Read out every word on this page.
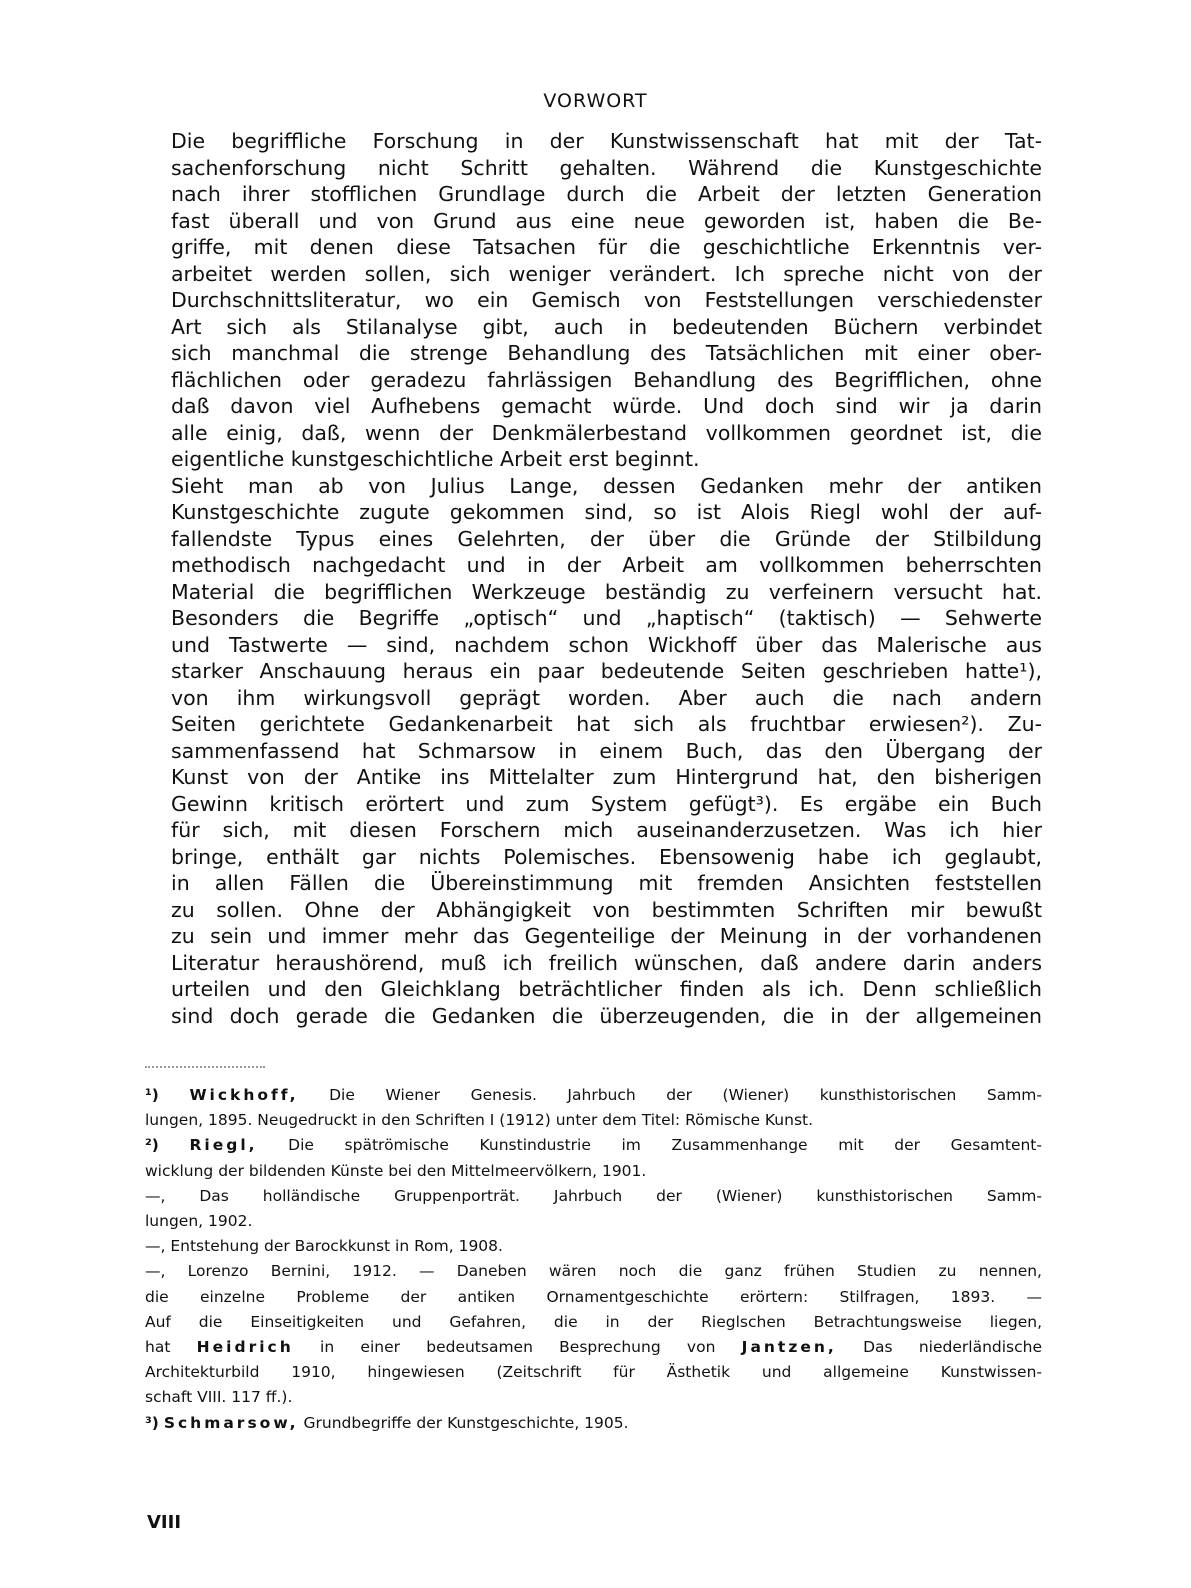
VORWORT

Die begriffliche Forschung in der Kunstwissenschaft hat mit der Tat-
sachenforschung nicht Schritt gehalten. Während die Kunstgeschichte
nach ihrer stofflichen Grundlage durch die Arbeit der letzten Generation
fast überall und von Grund aus eine neue geworden ist, haben die Be-
griffe, mit denen diese Tatsachen für die geschichtliche Erkenntnis ver-
arbeitet werden sollen, sich weniger verändert. Ich spreche nicht von der
Durchschnittsliteratur, wo ein Gemisch von Feststellungen verschiedenster
Art sich als Stilanalyse gibt, auch in bedeutenden Büchern verbindet
sich manchmal die strenge Behandlung des Tatsächlichen mit einer ober-
flächlichen oder geradezu fahrlässigen Behandlung des Begrifflichen, ohne
daß davon viel Aufhebens gemacht würde. Und doch sind wir ja darin
alle einig, daß, wenn der Denkmälerbestand vollkommen geordnet ist, die
eigentliche kunstgeschichtliche Arbeit erst beginnt.

Sieht man ab von Julius Lange, dessen Gedanken mehr der antiken
Kunstgeschichte zugute gekommen sind, so ist Alois Riegl wohl der auf-
fallendste Typus eines Gelehrten, der über die Gründe der Stilbildung
methodisch nachgedacht und in der Arbeit am vollkommen beherrschten
Material die begrifflichen Werkzeuge beständig zu verfeinern versucht hat.
Besonders die Begriffe „optisch“ und „haptisch“ (taktisch) — Sehwerte
und Tastwerte — sind, nachdem schon Wickhoff über das Malerische aus
starker Anschauung heraus ein paar bedeutende Seiten geschrieben hatte¹),
von ihm wirkungsvoll geprägt worden. Aber auch die nach andern
Seiten gerichtete Gedankenarbeit hat sich als fruchtbar erwiesen²). Zu-
sammenfassend hat Schmarsow in einem Buch, das den Übergang der
Kunst von der Antike ins Mittelalter zum Hintergrund hat, den bisherigen
Gewinn kritisch erörtert und zum System gefügt³). Es ergäbe ein Buch
für sich, mit diesen Forschern mich auseinanderzusetzen. Was ich hier
bringe, enthält gar nichts Polemisches. Ebensowenig habe ich geglaubt,
in allen Fällen die Übereinstimmung mit fremden Ansichten feststellen
zu sollen. Ohne der Abhängigkeit von bestimmten Schriften mir bewußt
zu sein und immer mehr das Gegenteilige der Meinung in der vorhandenen
Literatur heraushörend, muß ich freilich wünschen, daß andere darin anders
urteilen und den Gleichklang beträchtlicher finden als ich. Denn schließlich
sind doch gerade die Gedanken die überzeugenden, die in der allgemeinen

¹) Wickhoff, Die Wiener Genesis. Jahrbuch der (Wiener) kunsthistorischen Samm-
lungen, 1895. Neugedruckt in den Schriften I (1912) unter dem Titel: Römische Kunst.
²) Riegl, Die spätrömische Kunstindustrie im Zusammenhange mit der Gesamtent-
wicklung der bildenden Künste bei den Mittelmeervölkern, 1901.
—, Das holländische Gruppenporträt. Jahrbuch der (Wiener) kunsthistorischen Samm-
lungen, 1902.
—, Entstehung der Barockkunst in Rom, 1908.
—, Lorenzo Bernini, 1912. — Daneben wären noch die ganz frühen Studien zu nennen,
die einzelne Probleme der antiken Ornamentgeschichte erörtern: Stilfragen, 1893. —
Auf die Einseitigkeiten und Gefahren, die in der Rieglschen Betrachtungsweise liegen,
hat Heidrich in einer bedeutsamen Besprechung von Jantzen, Das niederländische
Architekturbild 1910, hingewiesen (Zeitschrift für Ästhetik und allgemeine Kunstwissen-
schaft VIII. 117 ff.).
³) Schmarsow, Grundbegriffe der Kunstgeschichte, 1905.
VIII
